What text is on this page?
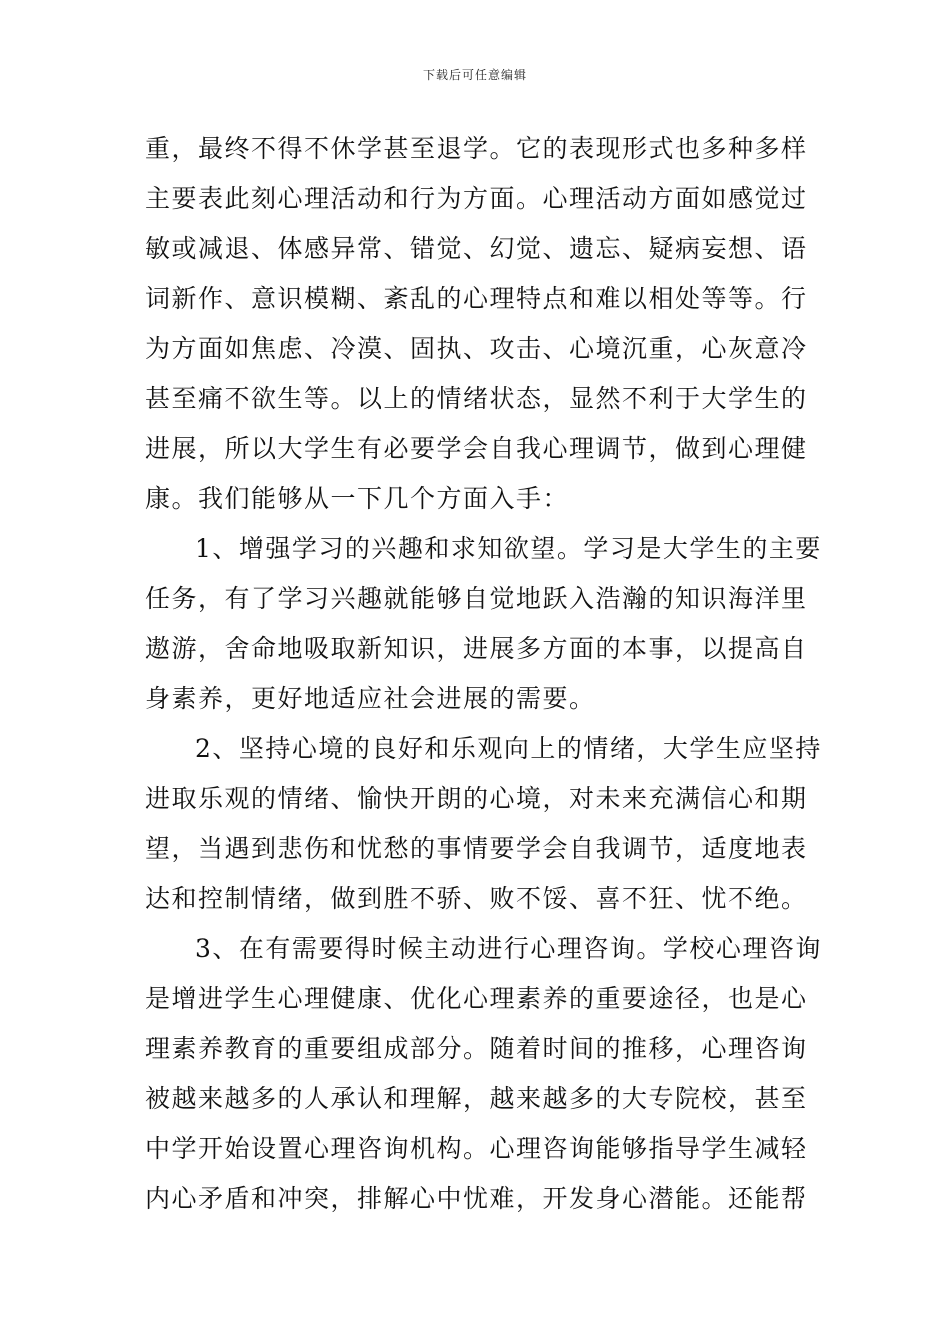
下载后可任意编辑
重，最终不得不休学甚至退学。它的表现形式也多种多样
主要表此刻心理活动和行为方面。心理活动方面如感觉过
敏或减退、体感异常、错觉、幻觉、遗忘、疑病妄想、语
词新作、意识模糊、紊乱的心理特点和难以相处等等。行
为方面如焦虑、冷漠、固执、攻击、心境沉重，心灰意冷
甚至痛不欲生等。以上的情绪状态，显然不利于大学生的
进展，所以大学生有必要学会自我心理调节，做到心理健
康。我们能够从一下几个方面入手：
1、增强学习的兴趣和求知欲望。学习是大学生的主要
任务，有了学习兴趣就能够自觉地跃入浩瀚的知识海洋里
遨游，舍命地吸取新知识，进展多方面的本事，以提高自
身素养，更好地适应社会进展的需要。
2、坚持心境的良好和乐观向上的情绪，大学生应坚持
进取乐观的情绪、愉快开朗的心境，对未来充满信心和期
望，当遇到悲伤和忧愁的事情要学会自我调节，适度地表
达和控制情绪，做到胜不骄、败不馁、喜不狂、忧不绝。
3、在有需要得时候主动进行心理咨询。学校心理咨询
是增进学生心理健康、优化心理素养的重要途径，也是心
理素养教育的重要组成部分。随着时间的推移，心理咨询
被越来越多的人承认和理解，越来越多的大专院校，甚至
中学开始设置心理咨询机构。心理咨询能够指导学生减轻
内心矛盾和冲突，排解心中忧难，开发身心潜能。还能帮
